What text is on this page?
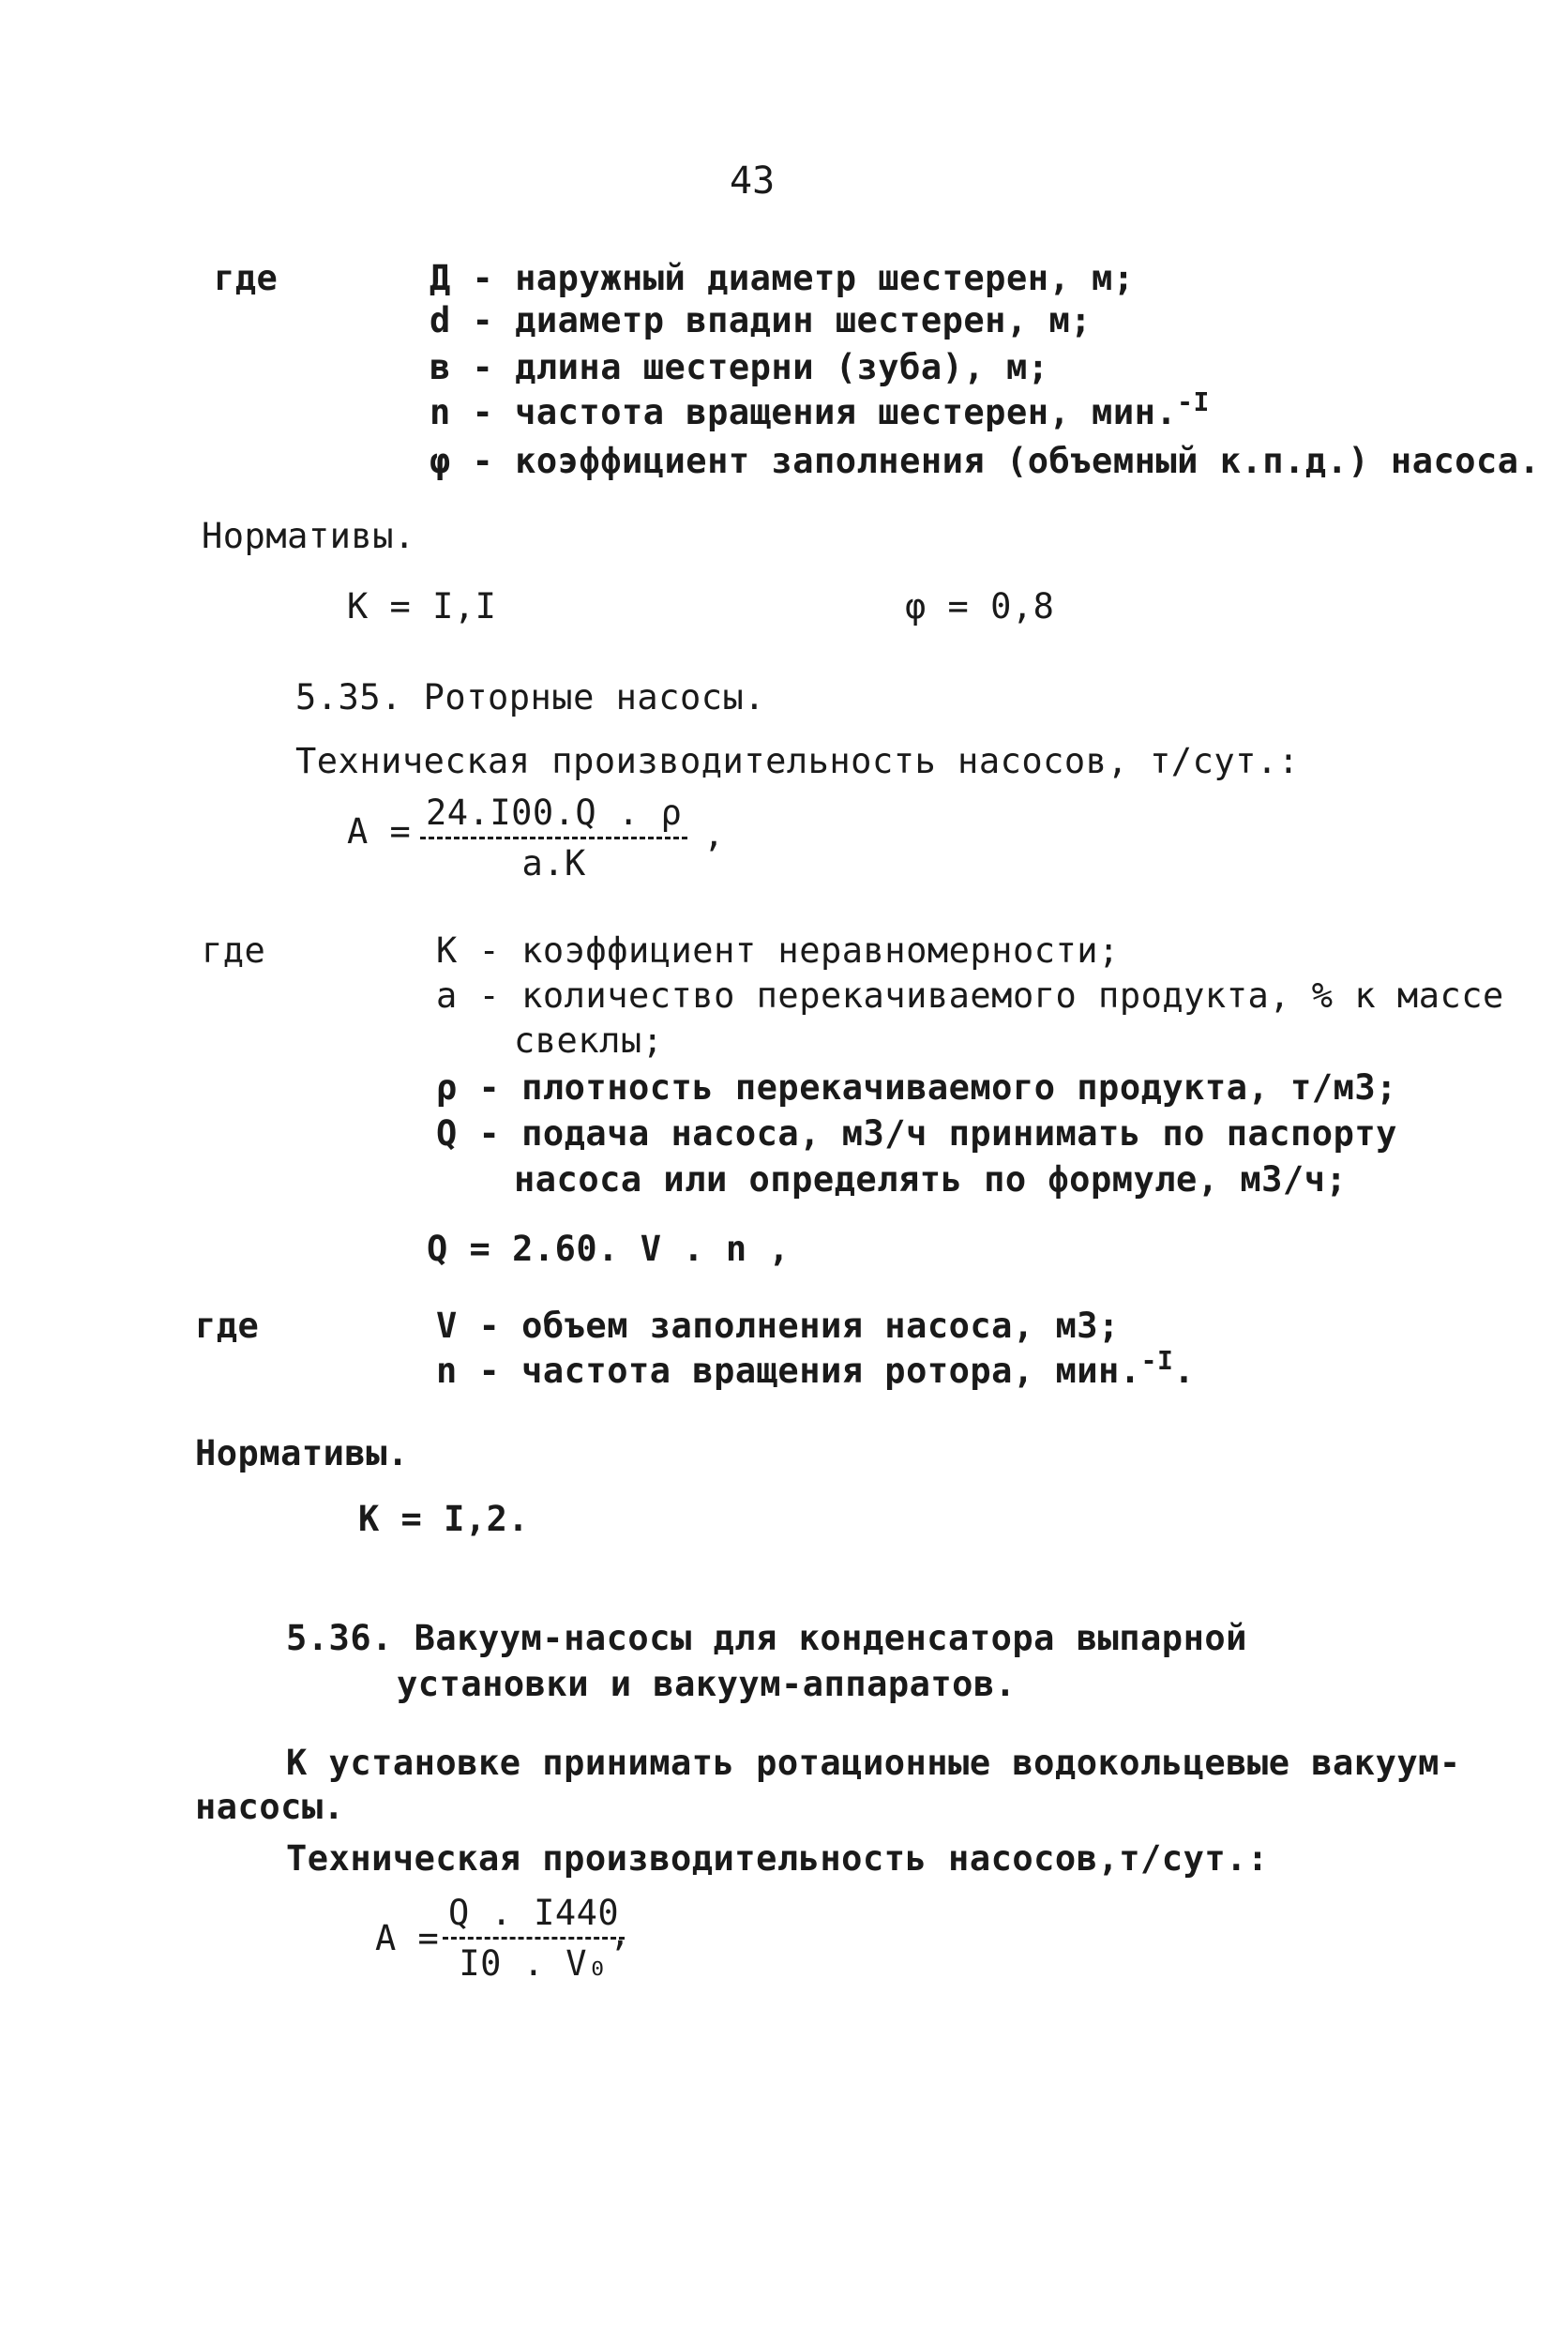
43
где	Д - наружный диаметр шестерен, м;
d - диаметр впадин шестерен, м;
в - длина шестерни (зуба), м;
n - частота вращения шестерен, мин.$^{-I}$
φ - коэффициент заполнения (объемный к.п.д.) насоса.
Нормативы.
К = I,I	φ = 0,8
5.35. Роторные насосы.
Техническая производительность насосов, т/сут.:
А = 24.I00.Q . ρ
а.К
,
где	К - коэффициент неравномерности;
а - количество перекачиваемого продукта, % к массе
свеклы;
ρ - плотность перекачиваемого продукта, т/м3;
Q - подача насоса, м3/ч принимать по паспорту
насоса или определять по формуле, м3/ч;
Q = 2.60. V . n ,
где	V - объем заполнения насоса, м3;
n - частота вращения ротора, мин.$^{-I}$.
Нормативы.
К = I,2.
5.36. Вакуум-насосы для конденсатора выпарной
установки и вакуум-аппаратов.
К установке принимать ротационные водокольцевые вакуум-
насосы.
Техническая производительность насосов,т/сут.:
$А = \frac{Q . I440}{\text{I0 . V₀}}$
,
